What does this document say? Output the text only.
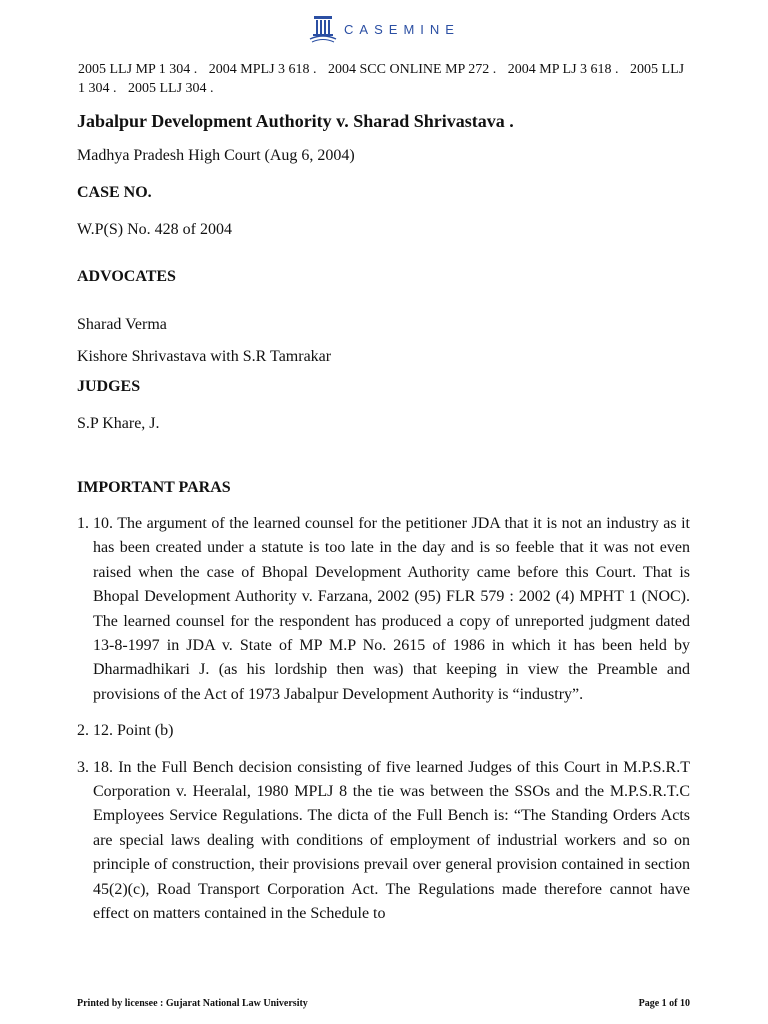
CASEMINE
2005 LLJ MP 1 304 . 2004 MPLJ 3 618 . 2004 SCC ONLINE MP 272 . 2004 MP LJ 3 618 . 2005 LLJ 1 304 . 2005 LLJ 304 .
Jabalpur Development Authority v. Sharad Shrivastava .

Madhya Pradesh High Court (Aug 6, 2004)

CASE NO.

W.P(S) No. 428 of 2004

ADVOCATES

Sharad Verma

Kishore Shrivastava with S.R Tamrakar

JUDGES

S.P Khare, J.

IMPORTANT PARAS

1. 10. The argument of the learned counsel for the petitioner JDA that it is not an industry as it has been created under a statute is too late in the day and is so feeble that it was not even raised when the case of Bhopal Development Authority came before this Court. That is Bhopal Development Authority v. Farzana, 2002 (95) FLR 579 : 2002 (4) MPHT 1 (NOC). The learned counsel for the respondent has produced a copy of unreported judgment dated 13-8-1997 in JDA v. State of MP M.P No. 2615 of 1986 in which it has been held by Dharmadhikari J. (as his lordship then was) that keeping in view the Preamble and provisions of the Act of 1973 Jabalpur Development Authority is “industry”.
2. 12. Point (b)
3. 18. In the Full Bench decision consisting of five learned Judges of this Court in M.P.S.R.T Corporation v. Heeralal, 1980 MPLJ 8 the tie was between the SSOs and the M.P.S.R.T.C Employees Service Regulations. The dicta of the Full Bench is: “The Standing Orders Acts are special laws dealing with conditions of employment of industrial workers and so on principle of construction, their provisions prevail over general provision contained in section 45(2)(c), Road Transport Corporation Act. The Regulations made therefore cannot have effect on matters contained in the Schedule to
Printed by licensee : Gujarat National Law University	Page 1 of 10
